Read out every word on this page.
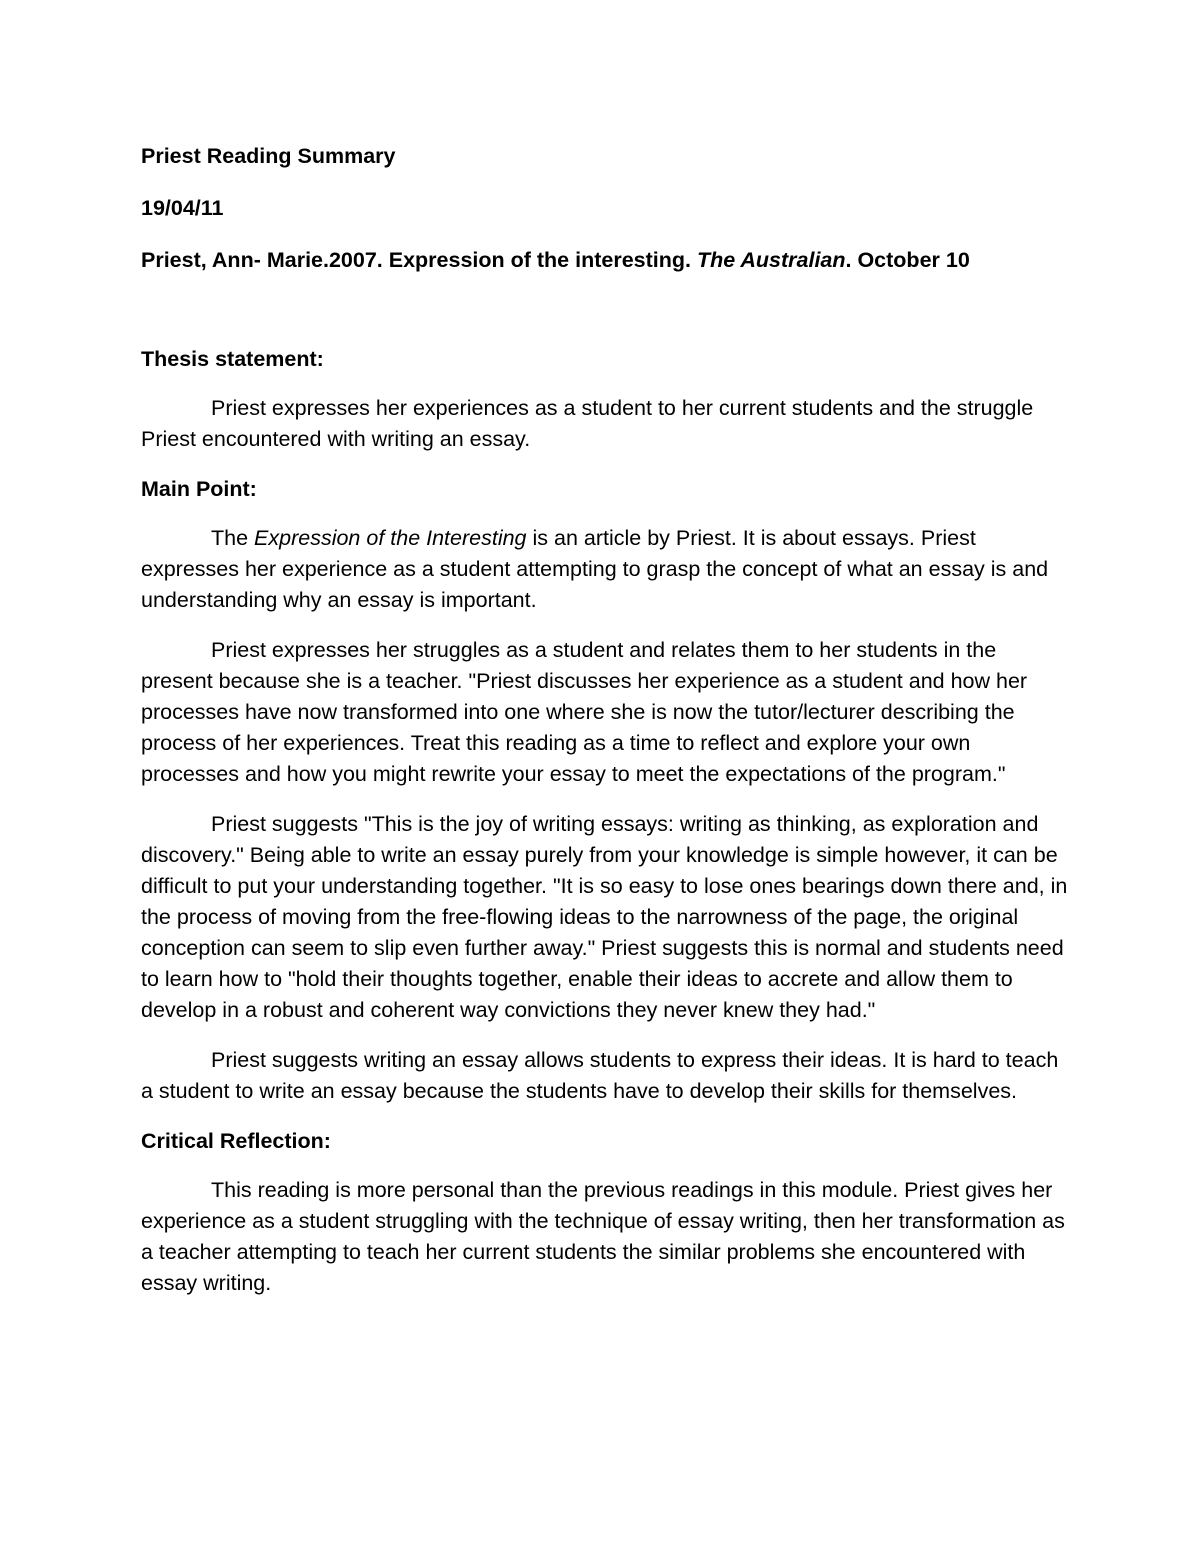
Priest Reading Summary

19/04/11

Priest, Ann- Marie.2007. Expression of the interesting. The Australian. October 10

Thesis statement:

Priest expresses her experiences as a student to her current students and the struggle Priest encountered with writing an essay.

Main Point:

The Expression of the Interesting is an article by Priest. It is about essays. Priest expresses her experience as a student attempting to grasp the concept of what an essay is and understanding why an essay is important.

Priest expresses her struggles as a student and relates them to her students in the present because she is a teacher. "Priest discusses her experience as a student and how her processes have now transformed into one where she is now the tutor/lecturer describing the process of her experiences. Treat this reading as a time to reflect and explore your own processes and how you might rewrite your essay to meet the expectations of the program."

Priest suggests "This is the joy of writing essays: writing as thinking, as exploration and discovery." Being able to write an essay purely from your knowledge is simple however, it can be difficult to put your understanding together. "It is so easy to lose ones bearings down there and, in the process of moving from the free-flowing ideas to the narrowness of the page, the original conception can seem to slip even further away." Priest suggests this is normal and students need to learn how to "hold their thoughts together, enable their ideas to accrete and allow them to develop in a robust and coherent way convictions they never knew they had."

Priest suggests writing an essay allows students to express their ideas. It is hard to teach a student to write an essay because the students have to develop their skills for themselves.

Critical Reflection:

This reading is more personal than the previous readings in this module. Priest gives her experience as a student struggling with the technique of essay writing, then her transformation as a teacher attempting to teach her current students the similar problems she encountered with essay writing.
